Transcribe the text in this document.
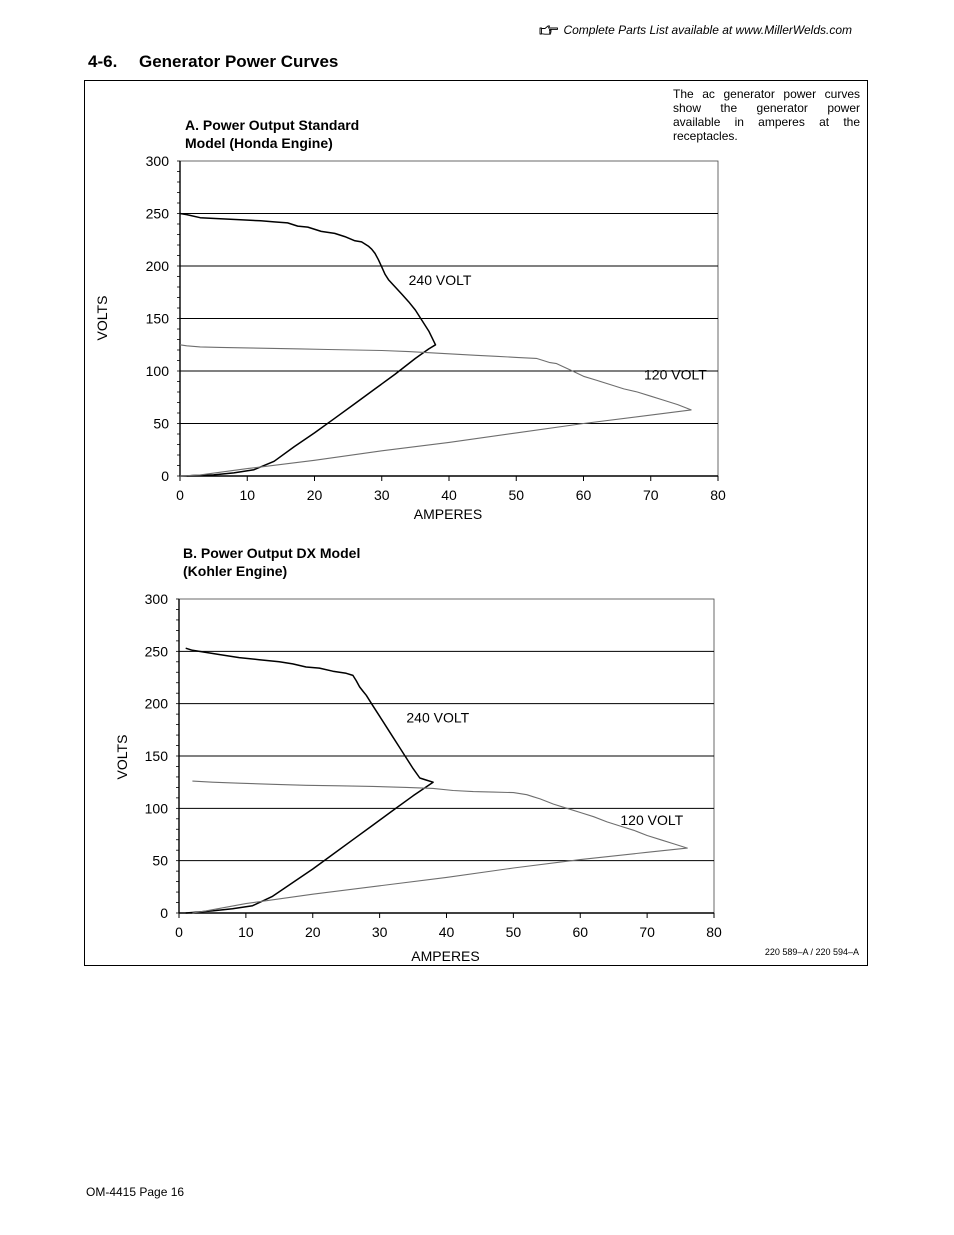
Complete Parts List available at www.MillerWelds.com
4-6. Generator Power Curves
The ac generator power curves show the generator power available in amperes at the receptacles.
A. Power Output Standard
Model (Honda Engine)
B. Power Output DX Model
(Kohler Engine)
0
50
100
150
200
250
300
0	10	20	30	40	50	60	70	80
AMPERES
VOLTS
240 VOLT
120 VOLT
0
50
100
150
200
250
300
0	10	20	30	40	50	60	70	80
AMPERES
VOLTS
240 VOLT
120 VOLT
220 589–A / 220 594–A
OM-4415 Page 16
